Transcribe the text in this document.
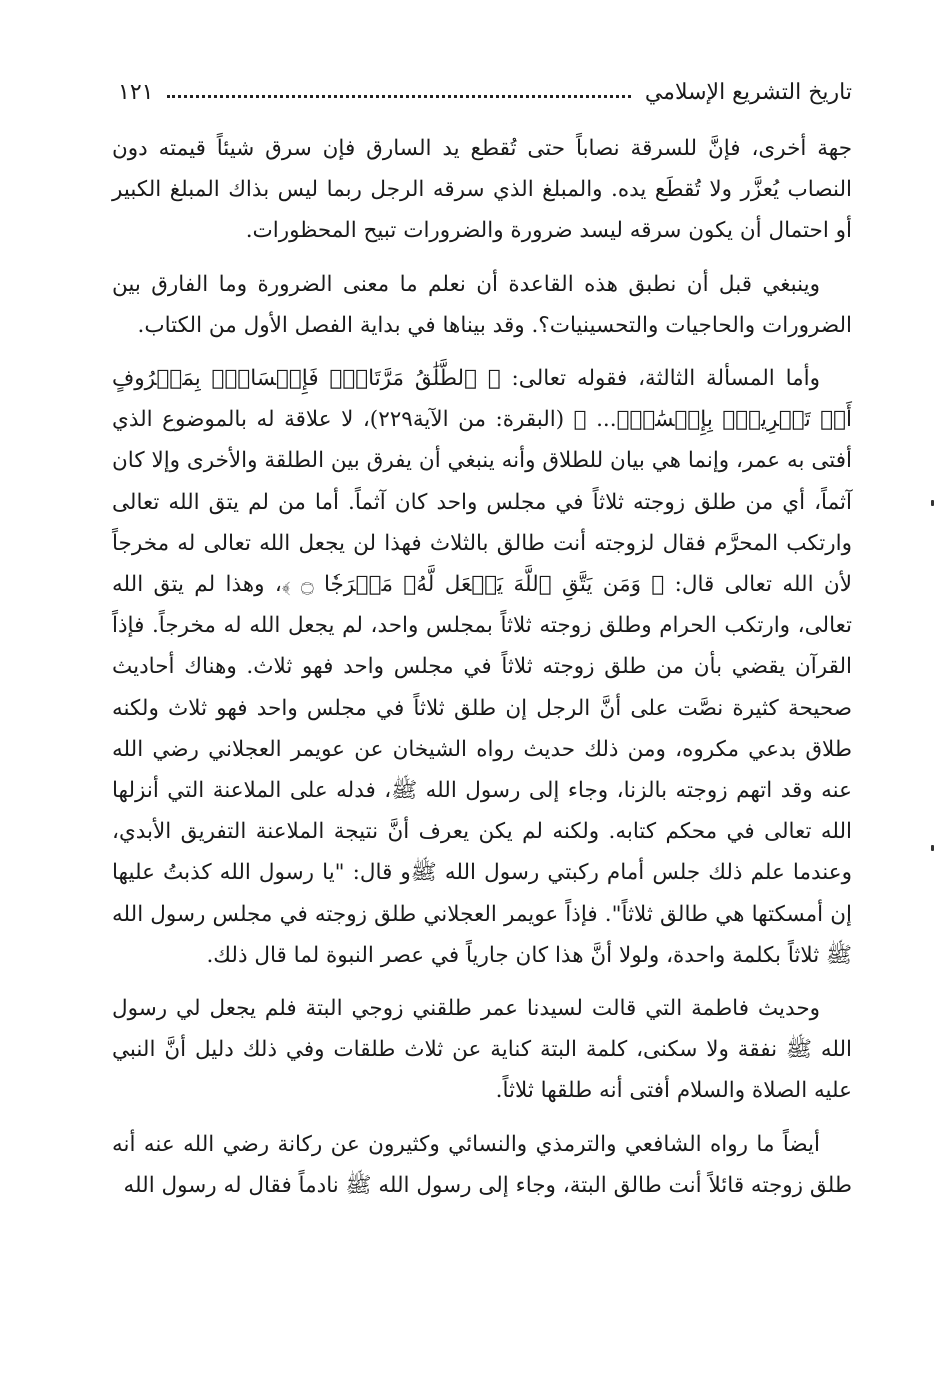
تاريخ التشريع الإسلامي
١٢١

جهة أخرى، فإنَّ للسرقة نصاباً حتى تُقطع يد السارق فإن سرق شيئاً قيمته دون النصاب يُعزَّر ولا تُقطَع يده. والمبلغ الذي سرقه الرجل ربما ليس بذاك المبلغ الكبير أو احتمال أن يكون سرقه ليسد ضرورة والضرورات تبيح المحظورات.

وينبغي قبل أن نطبق هذه القاعدة أن نعلم ما معنى الضرورة وما الفارق بين الضرورات والحاجيات والتحسينيات؟. وقد بيناها في بداية الفصل الأول من الكتاب.

وأما المسألة الثالثة، فقوله تعالى: ﴿ ٱلطَّلَٰقُ مَرَّتَانِۖ فَإِمۡسَاكُۢ بِمَعۡرُوفٍ أَوۡ تَسۡرِيحُۢ بِإِحۡسَٰنٍۗ... ﴾ (البقرة: من الآية٢٢٩)، لا علاقة له بالموضوع الذي أفتى به عمر، وإنما هي بيان للطلاق وأنه ينبغي أن يفرق بين الطلقة والأخرى وإلا كان آثماً، أي من طلق زوجته ثلاثاً في مجلس واحد كان آثماً. أما من لم يتق الله تعالى وارتكب المحرَّم فقال لزوجته أنت طالق بالثلاث فهذا لن يجعل الله تعالى له مخرجاً لأن الله تعالى قال: ﴿ وَمَن يَتَّقِ ٱللَّهَ يَجۡعَل لَّهُۥ مَخۡرَجٗا ۝ ﴾، وهذا لم يتق الله تعالى، وارتكب الحرام وطلق زوجته ثلاثاً بمجلس واحد، لم يجعل الله له مخرجاً. فإذاً القرآن يقضي بأن من طلق زوجته ثلاثاً في مجلس واحد فهو ثلاث. وهناك أحاديث صحيحة كثيرة نصَّت على أنَّ الرجل إن طلق ثلاثاً في مجلس واحد فهو ثلاث ولكنه طلاق بدعي مكروه، ومن ذلك حديث رواه الشيخان عن عويمر العجلاني رضي الله عنه وقد اتهم زوجته بالزنا، وجاء إلى رسول الله ﷺ، فدله على الملاعنة التي أنزلها الله تعالى في محكم كتابه. ولكنه لم يكن يعرف أنَّ نتيجة الملاعنة التفريق الأبدي، وعندما علم ذلك جلس أمام ركبتي رسول الله ﷺو قال: "يا رسول الله كذبتُ عليها إن أمسكتها هي طالق ثلاثاً". فإذاً عويمر العجلاني طلق زوجته في مجلس رسول الله ﷺ ثلاثاً بكلمة واحدة، ولولا أنَّ هذا كان جارياً في عصر النبوة لما قال ذلك.

وحديث فاطمة التي قالت لسيدنا عمر طلقني زوجي البتة فلم يجعل لي رسول الله ﷺ نفقة ولا سكنى، كلمة البتة كناية عن ثلاث طلقات وفي ذلك دليل أنَّ النبي عليه الصلاة والسلام أفتى أنه طلقها ثلاثاً.

أيضاً ما رواه الشافعي والترمذي والنسائي وكثيرون عن ركانة رضي الله عنه أنه طلق زوجته قائلاً أنت طالق البتة، وجاء إلى رسول الله ﷺ نادماً فقال له رسول الله
